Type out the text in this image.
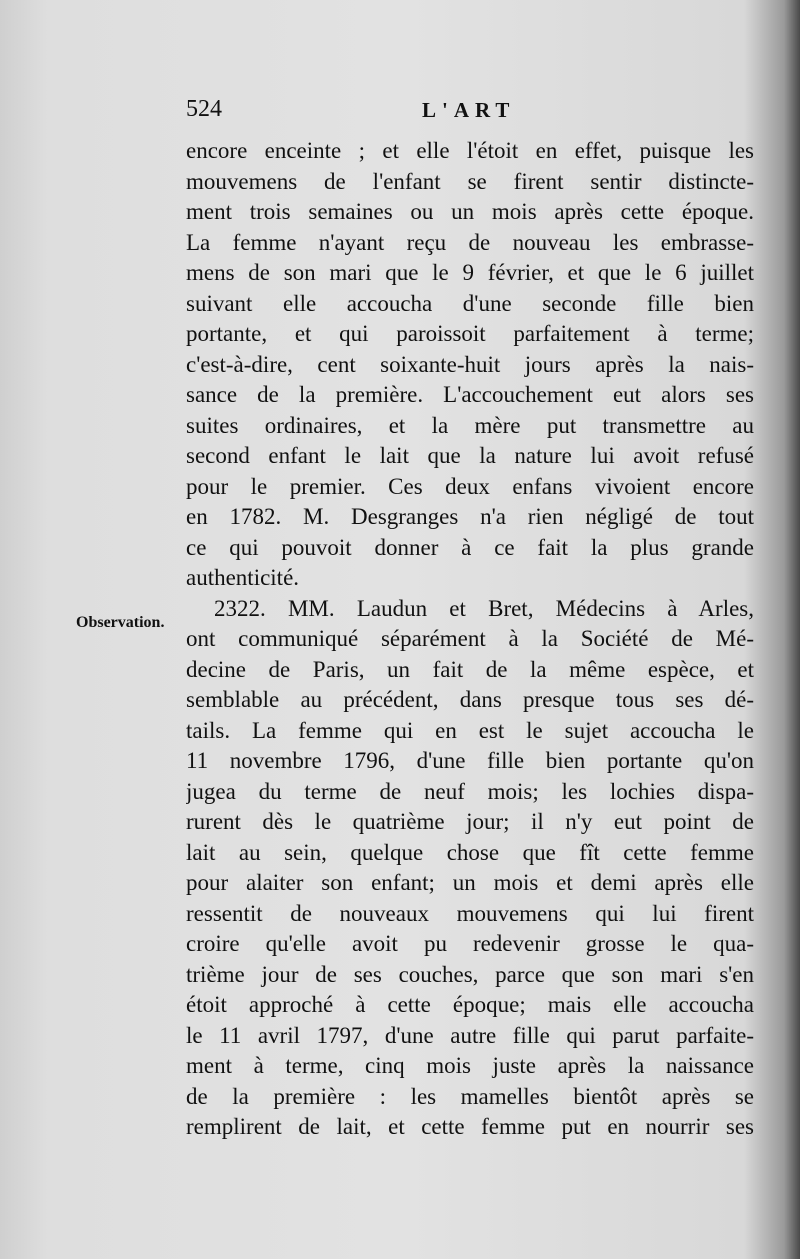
524	L'ART
Observation.
encore enceinte ; et elle l'étoit en effet, puisque les
mouvemens de l'enfant se firent sentir distincte-
ment trois semaines ou un mois après cette époque.
La femme n'ayant reçu de nouveau les embrasse-
mens de son mari que le 9 février, et que le 6 juillet
suivant elle accoucha d'une seconde fille bien
portante, et qui paroissoit parfaitement à terme;
c'est-à-dire, cent soixante-huit jours après la nais-
sance de la première. L'accouchement eut alors ses
suites ordinaires, et la mère put transmettre au
second enfant le lait que la nature lui avoit refusé
pour le premier. Ces deux enfans vivoient encore
en 1782. M. Desgranges n'a rien négligé de tout
ce qui pouvoit donner à ce fait la plus grande
authenticité.
2322. MM. Laudun et Bret, Médecins à Arles,
ont communiqué séparément à la Société de Mé-
decine de Paris, un fait de la même espèce, et
semblable au précédent, dans presque tous ses dé-
tails. La femme qui en est le sujet accoucha le
11 novembre 1796, d'une fille bien portante qu'on
jugea du terme de neuf mois; les lochies dispa-
rurent dès le quatrième jour; il n'y eut point de
lait au sein, quelque chose que fît cette femme
pour alaiter son enfant; un mois et demi après elle
ressentit de nouveaux mouvemens qui lui firent
croire qu'elle avoit pu redevenir grosse le qua-
trième jour de ses couches, parce que son mari s'en
étoit approché à cette époque; mais elle accoucha
le 11 avril 1797, d'une autre fille qui parut parfaite-
ment à terme, cinq mois juste après la naissance
de la première : les mamelles bientôt après se
remplirent de lait, et cette femme put en nourrir ses
